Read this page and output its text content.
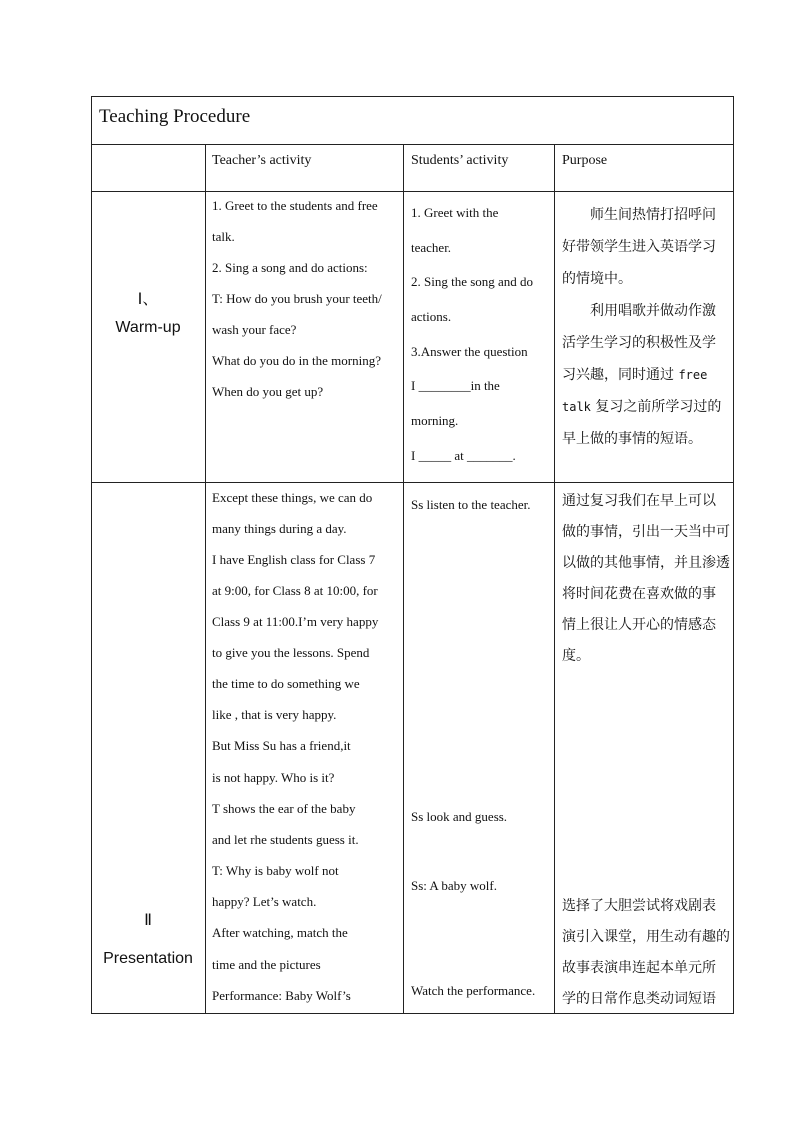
Teaching Procedure
Teacher’s activity	Students’ activity	Purpose
Ⅰ、
Warm-up
1. Greet to the students and free
talk.
2. Sing a song and do actions:
T: How do you brush your teeth/
wash your face?
What do you do in the morning?
When do you get up?
1. Greet with the
teacher.
2. Sing the song and do
actions.
3.Answer the question
I ________in the
morning.
I _____ at _______.
师生间热情打招呼问
好带领学生进入英语学习
的情境中。
利用唱歌并做动作激
活学生学习的积极性及学
习兴趣，同时通过 free
talk 复习之前所学习过的
早上做的事情的短语。
Ⅱ
Presentation
Except these things, we can do
many things during a day.
I have English class for Class 7
at 9:00, for Class 8 at 10:00, for
Class 9 at 11:00.I’m very happy
to give you the lessons. Spend
the time to do something we
like , that is very happy.
But Miss Su has a friend,it
is not happy. Who is it?
T shows the ear of the baby
and let rhe students guess it.
T: Why is baby wolf not
happy? Let’s watch.
After watching, match the
time and the pictures
Performance: Baby Wolf’s
Ss listen to the teacher.
Ss look and guess.
Ss: A baby wolf.
Watch the performance.
通过复习我们在早上可以
做的事情，引出一天当中可
以做的其他事情，并且渗透
将时间花费在喜欢做的事
情上很让人开心的情感态
度。
选择了大胆尝试将戏剧表
演引入课堂，用生动有趣的
故事表演串连起本单元所
学的日常作息类动词短语
